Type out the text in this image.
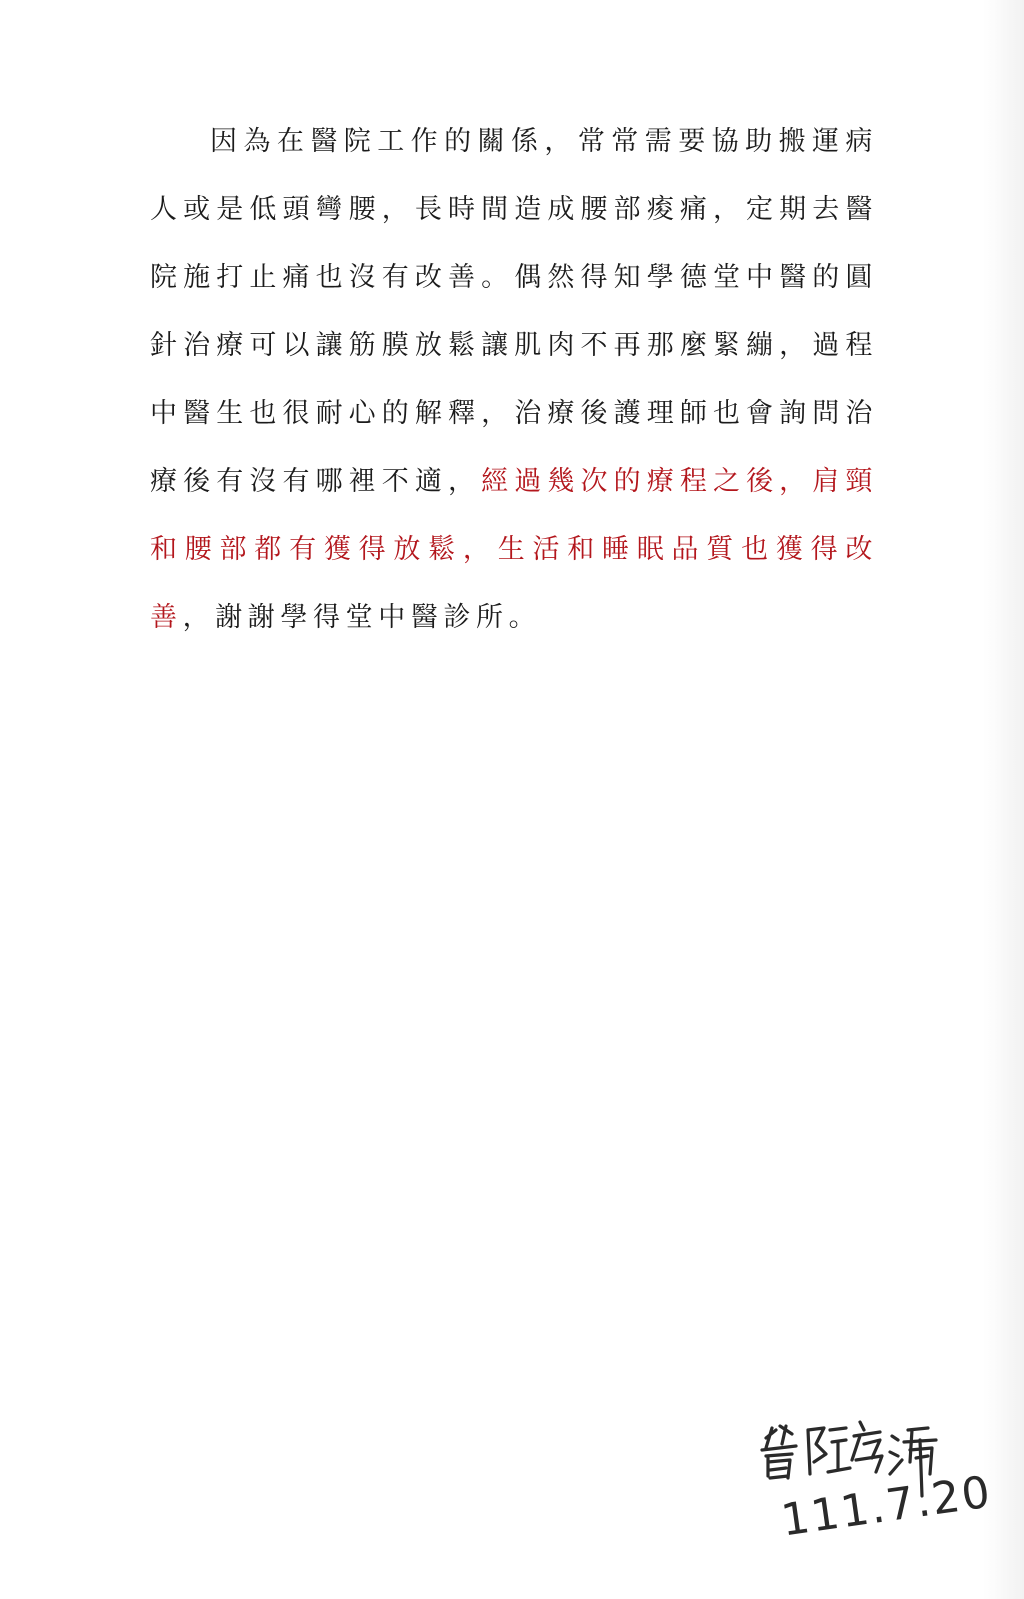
因為在醫院工作的關係，常常需要協助搬運病人或是低頭彎腰，長時間造成腰部痠痛，定期去醫院施打止痛也沒有改善。偶然得知學德堂中醫的圓針治療可以讓筋膜放鬆讓肌肉不再那麼緊繃，過程中醫生也很耐心的解釋，治療後護理師也會詢問治療後有沒有哪裡不適，經過幾次的療程之後，肩頸和腰部都有獲得放鬆，生活和睡眠品質也獲得改善，謝謝學得堂中醫診所。

111.7.20
